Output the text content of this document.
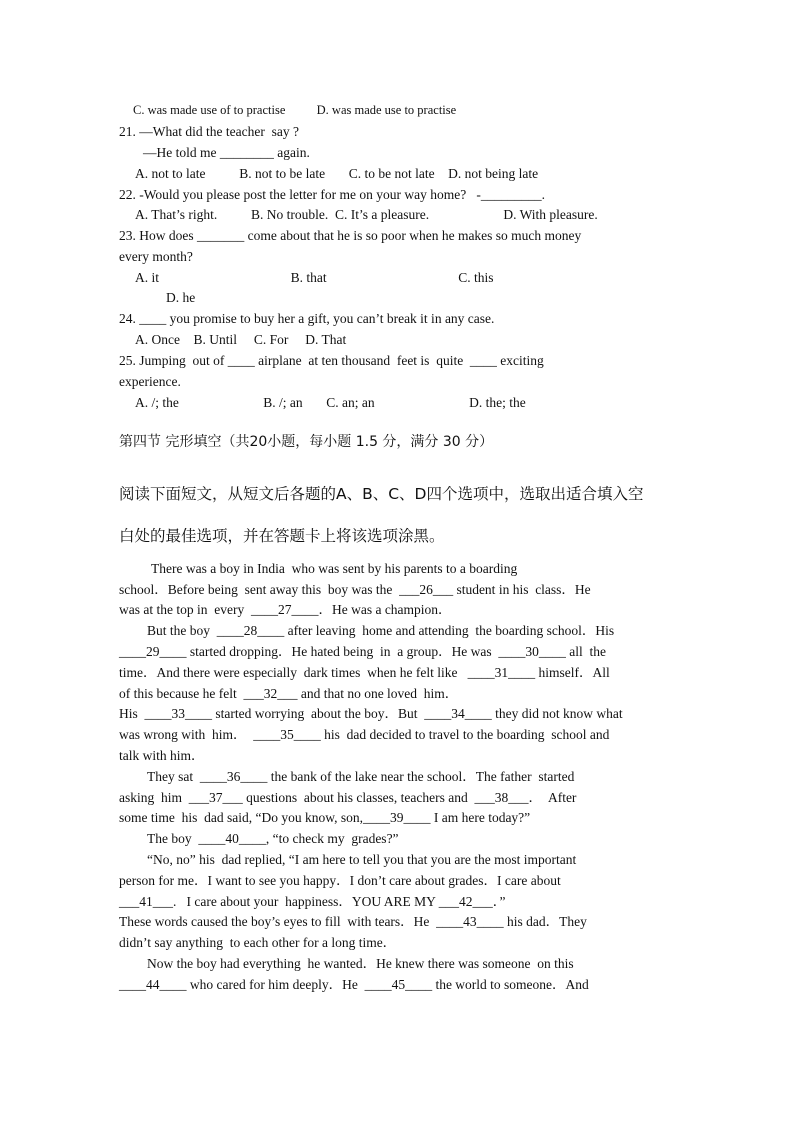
C. was made use of to practise          D. was made use to practise
21. —What did the teacher  say ?
—He told me ________ again.
A. not to late          B. not to be late       C. to be not late    D. not being late
22. -Would you please post the letter for me on your way home?   -_________.
A. That’s right.          B. No trouble.  C. It’s a pleasure.                      D. With pleasure.
23. How does _______ come about that he is so poor when he makes so much money
every month?
A. it                                       B. that                                       C. this
D. he
24. ____ you promise to buy her a gift, you can’t break it in any case.
A. Once    B. Until     C. For     D. That
25. Jumping  out of ____ airplane  at ten thousand  feet is  quite  ____ exciting
experience.
A. /; the                         B. /; an       C. an; an                            D. the; the
第四节 完形填空（共20小题，每小题 1.5 分，满分 30 分）
阅读下面短文，从短文后各题的A、B、C、D四个选项中，选取出适合填入空
白处的最佳选项，并在答题卡上将该选项涂黑。
There was a boy in India  who was sent by his parents to a boarding
school．Before being  sent away this  boy was the  ___26___ student in his  class．He
was at the top in  every  ____27____．He was a champion．
But the boy  ____28____ after leaving  home and attending  the boarding school．His
____29____ started dropping．He hated being  in  a group．He was  ____30____ all  the
time．And there were especially  dark times  when he felt like   ____31____ himself．All
of this because he felt  ___32___ and that no one loved  him．
His  ____33____ started worrying  about the boy．But  ____34____ they did not know what
was wrong with  him．  ____35____ his  dad decided to travel to the boarding  school and
talk with him．
They sat  ____36____ the bank of the lake near the school．The father  started
asking  him  ___37___ questions  about his classes, teachers and  ___38___．  After
some time  his  dad said, “Do you know, son,____39____ I am here today?”
The boy  ____40____, “to check my  grades?”
“No, no” his  dad replied, “I am here to tell you that you are the most important
person for me．I want to see you happy．I don’t care about grades．I care about
___41___.   I care about your  happiness．YOU ARE MY ___42___．”
These words caused the boy’s eyes to fill  with tears．He  ____43____ his dad．They
didn’t say anything  to each other for a long time．
Now the boy had everything  he wanted．He knew there was someone  on this
____44____ who cared for him deeply．He  ____45____ the world to someone．And
